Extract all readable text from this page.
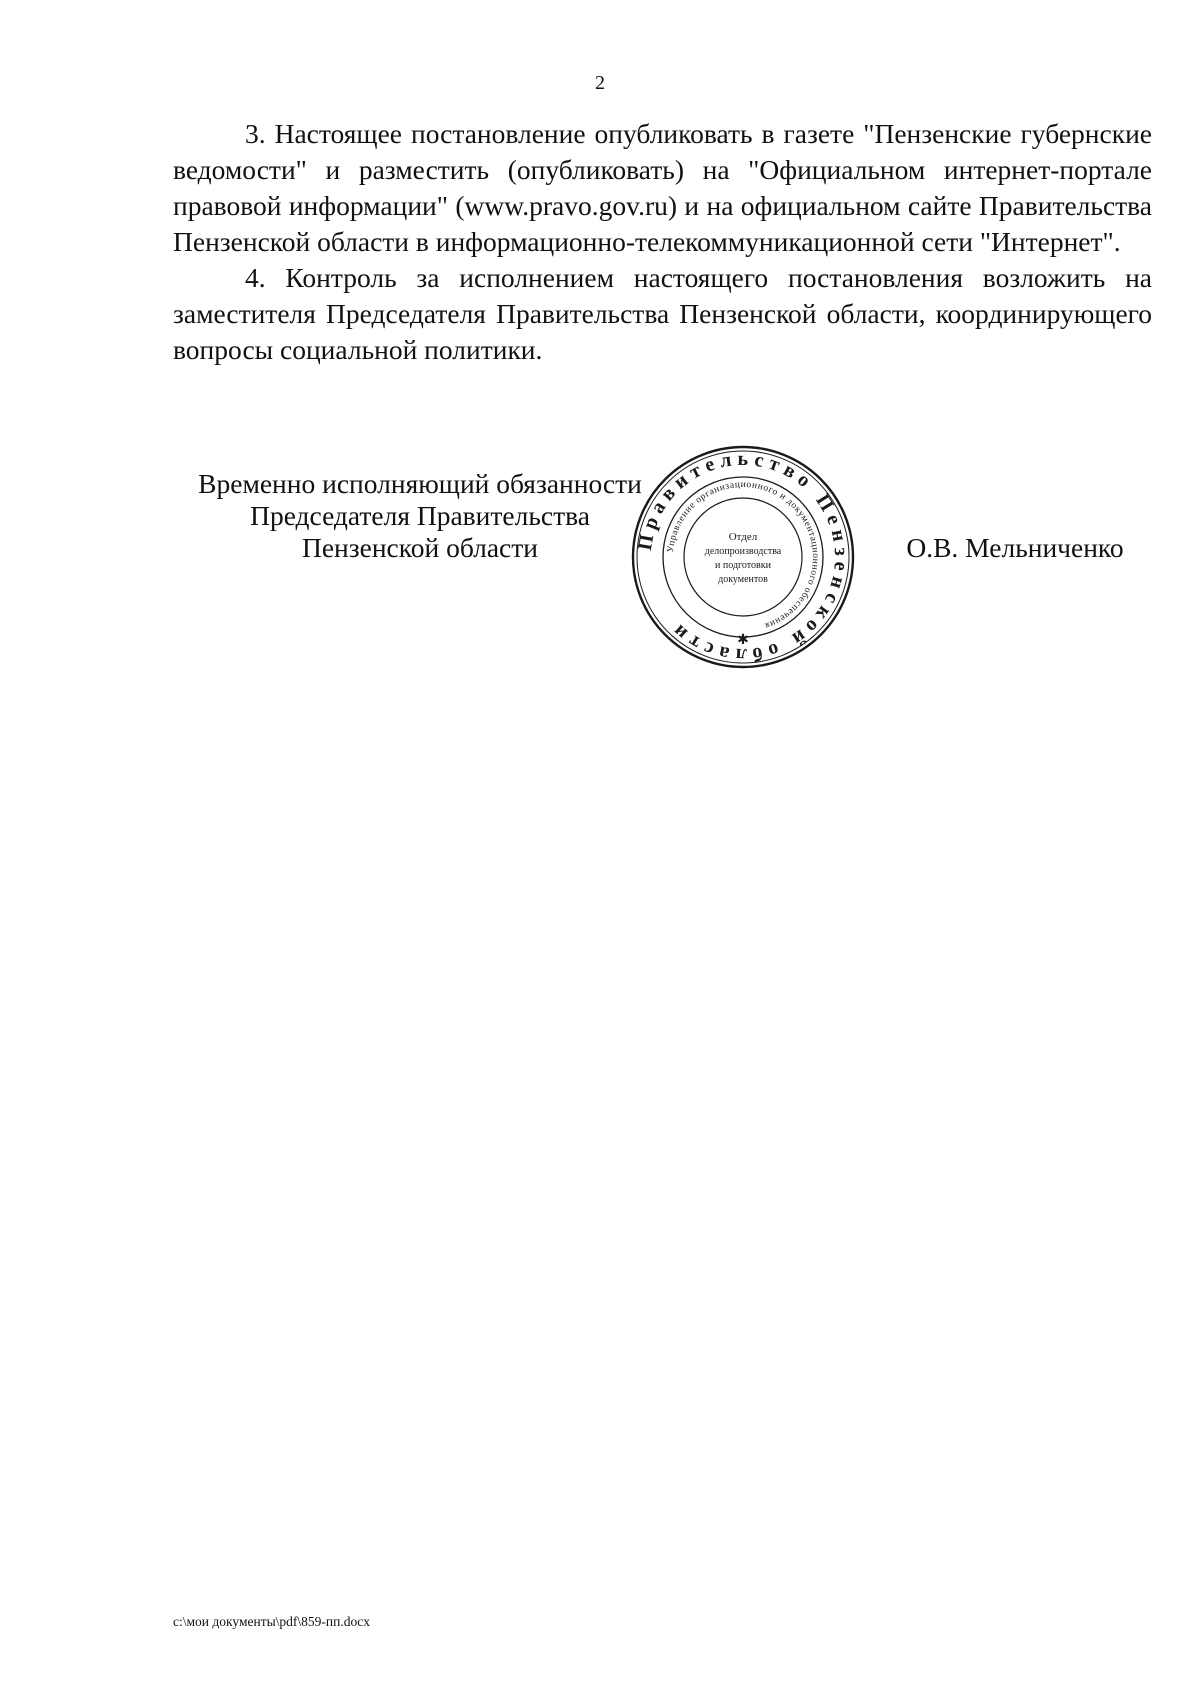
2

3. Настоящее постановление опубликовать в газете "Пензенские губернские ведомости" и разместить (опубликовать) на "Официальном интернет-портале правовой информации" (www.pravo.gov.ru) и на официальном сайте Правительства Пензенской области в информационно-телекоммуникационной сети "Интернет".

4. Контроль за исполнением настоящего постановления возложить на заместителя Председателя Правительства Пензенской области, координирующего вопросы социальной политики.

Временно исполняющий обязанности
Председателя Правительства
Пензенской области	Правительство Пензенской области
Управление организационного и документационного обеспечения
Отдел
делопроизводства
и подготовки
документов
✱
О.В. Мельниченко
c:\мои документы\pdf\859-пп.docx
